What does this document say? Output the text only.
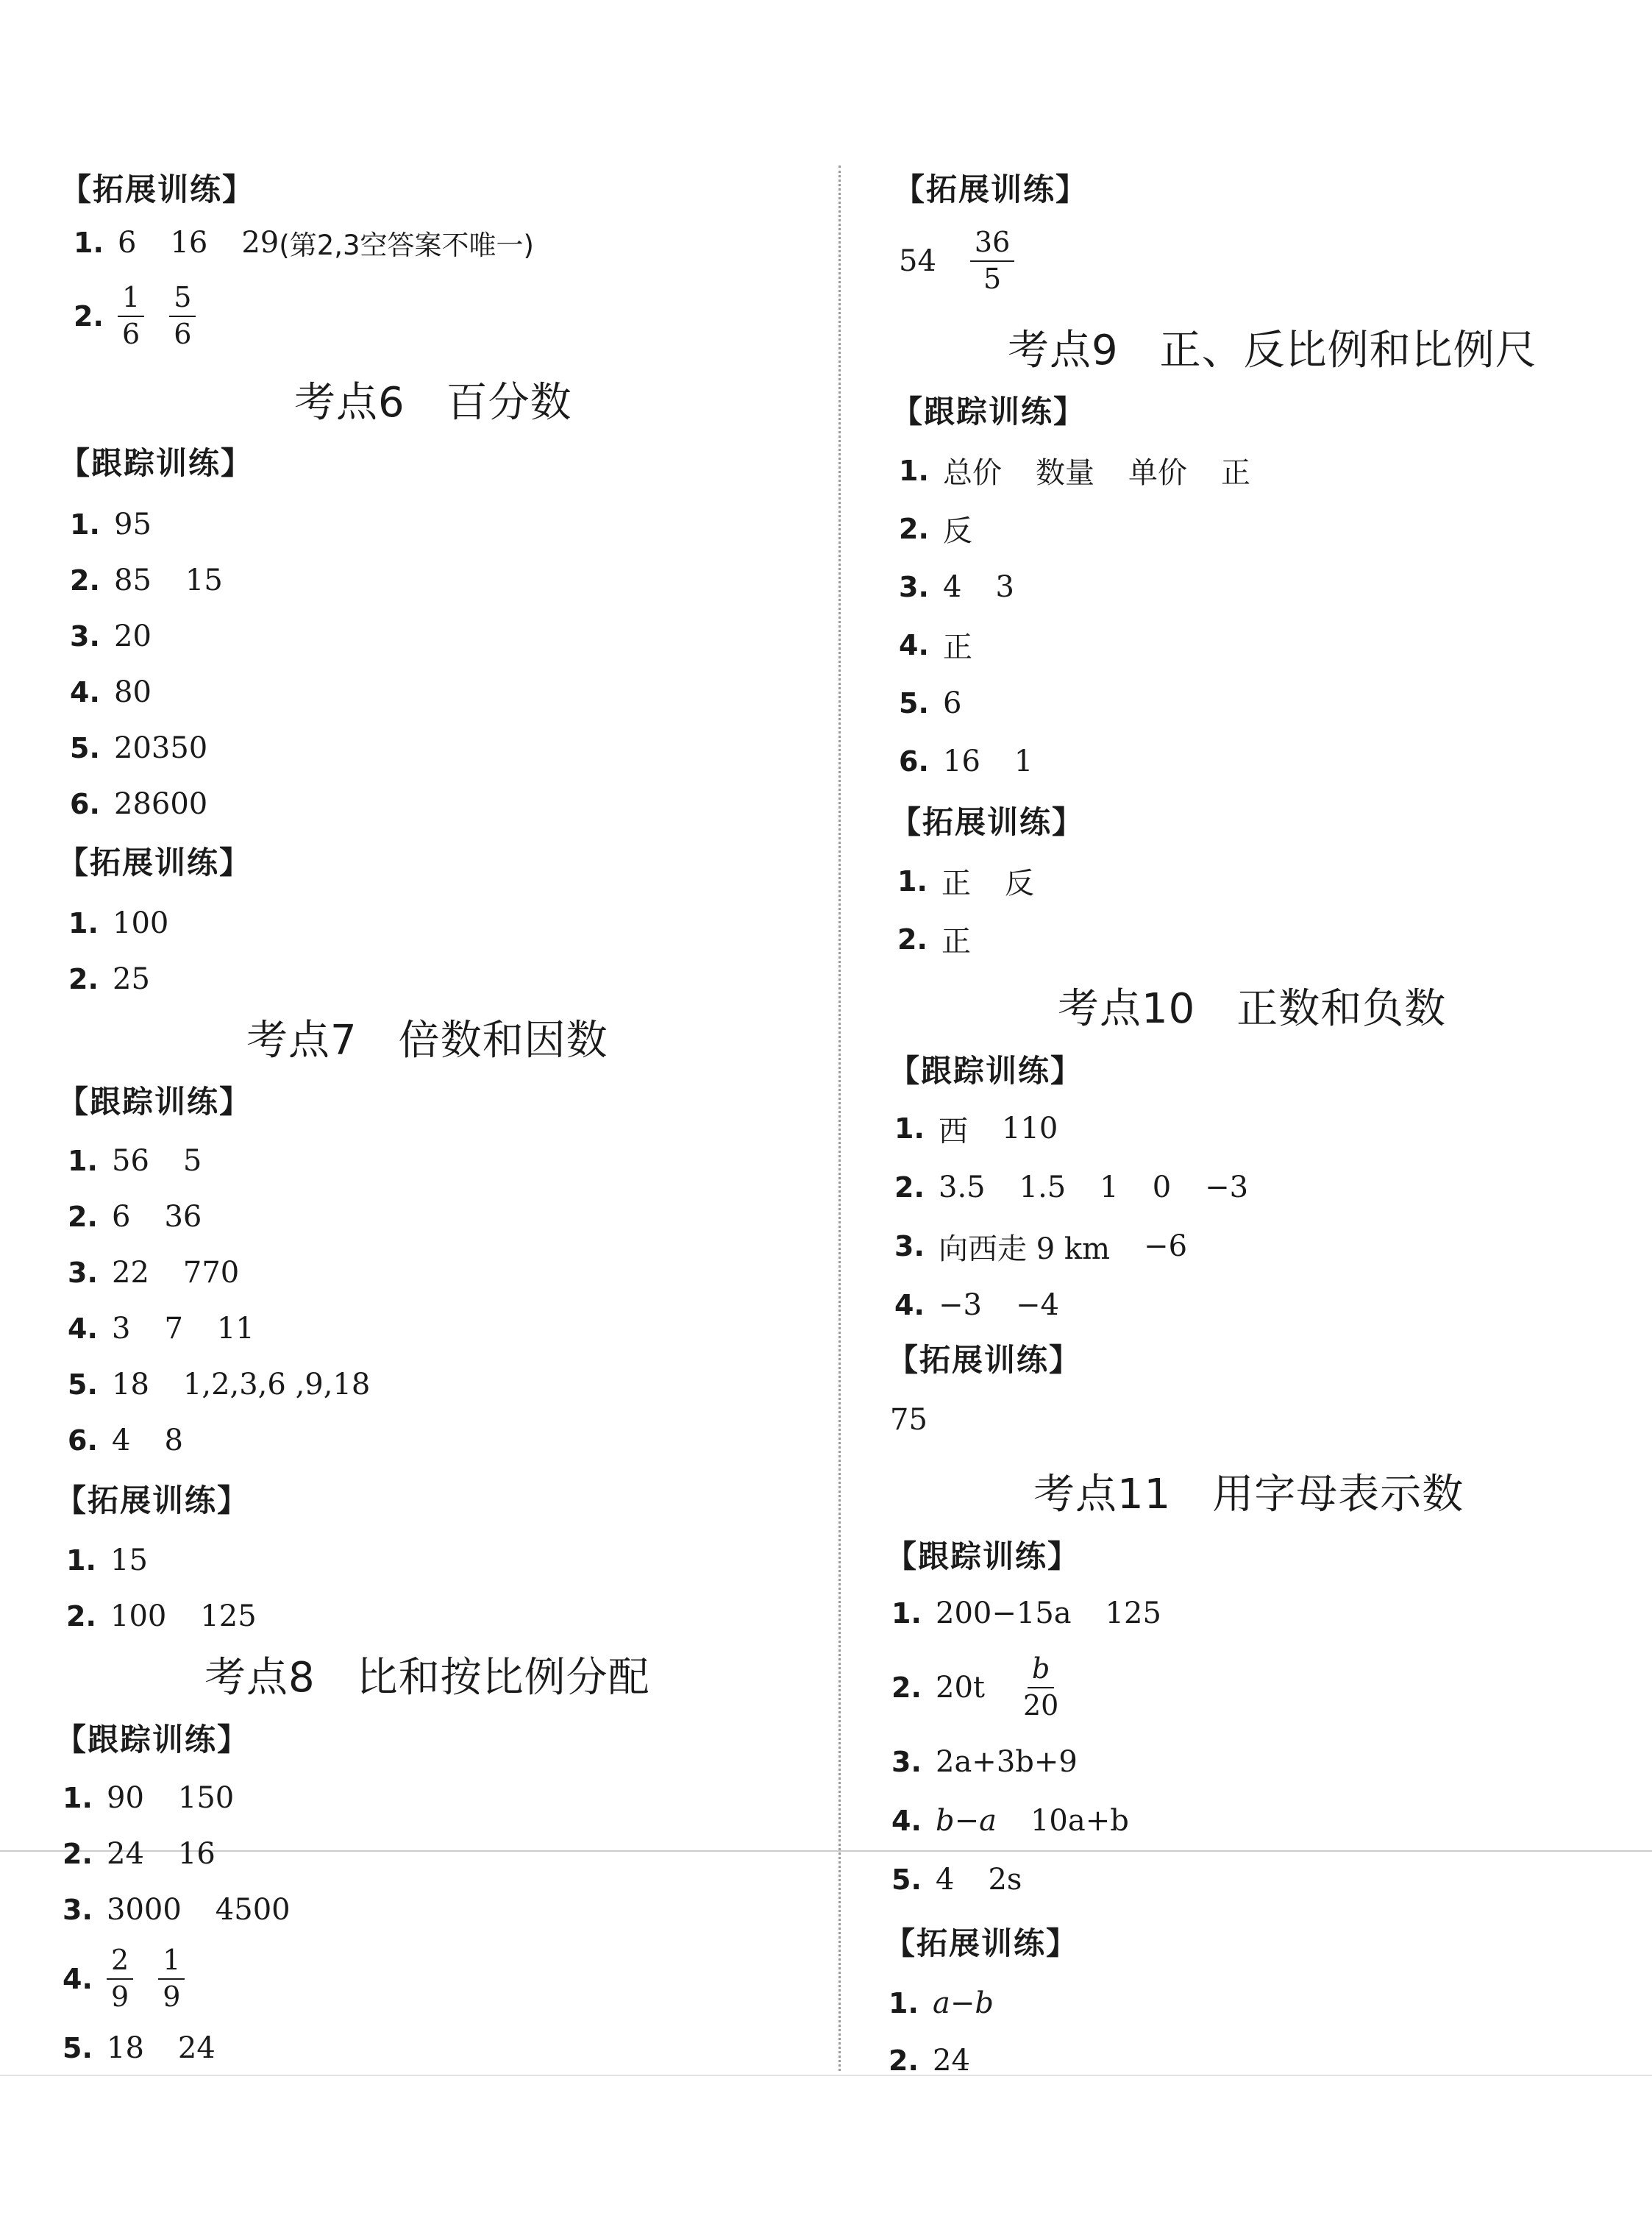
【拓展训练】
1. 6 16 29 (第2,3空答案不唯一)
2. $\frac{1}{6} \frac{5}{6}$
考点6 百分数
【跟踪训练】
1. 95
2. 85 15
3. 20
4. 80
5. 20350
6. 28600
【拓展训练】
1. 100
2. 25
考点7 倍数和因数
【跟踪训练】
1. 56 5
2. 6 36
3. 22 770
4. 3 7 11
5. 18 1,2,3,6 ,9,18
6. 4 8
【拓展训练】
1. 15
2. 100 125
考点8 比和按比例分配
【跟踪训练】
1. 90 150
2. 24 16
3. 3000 4500
4. $\frac{2}{9} \frac{1}{9}$
5. 18 24
【拓展训练】
$54 \frac{36}{5}$
考点9 正、反比例和比例尺
【跟踪训练】
1. 总价 数量 单价 正
2. 反
3. 4 3
4. 正
5. 6
6. 16 1
【拓展训练】
1. 正 反
2. 正
考点10 正数和负数
【跟踪训练】
1. 西 110
2. 3.5 1.5 1 0 −3
3. 向西走 9 km −6
4. −3 −4
【拓展训练】
75
考点11 用字母表示数
【跟踪训练】
1. 200−15a 125
2. $20t \frac{b}{20}$
3. 2a+3b+9
4. b−a 10a+b
5. 4 2s
【拓展训练】
1. a−b
2. 24
